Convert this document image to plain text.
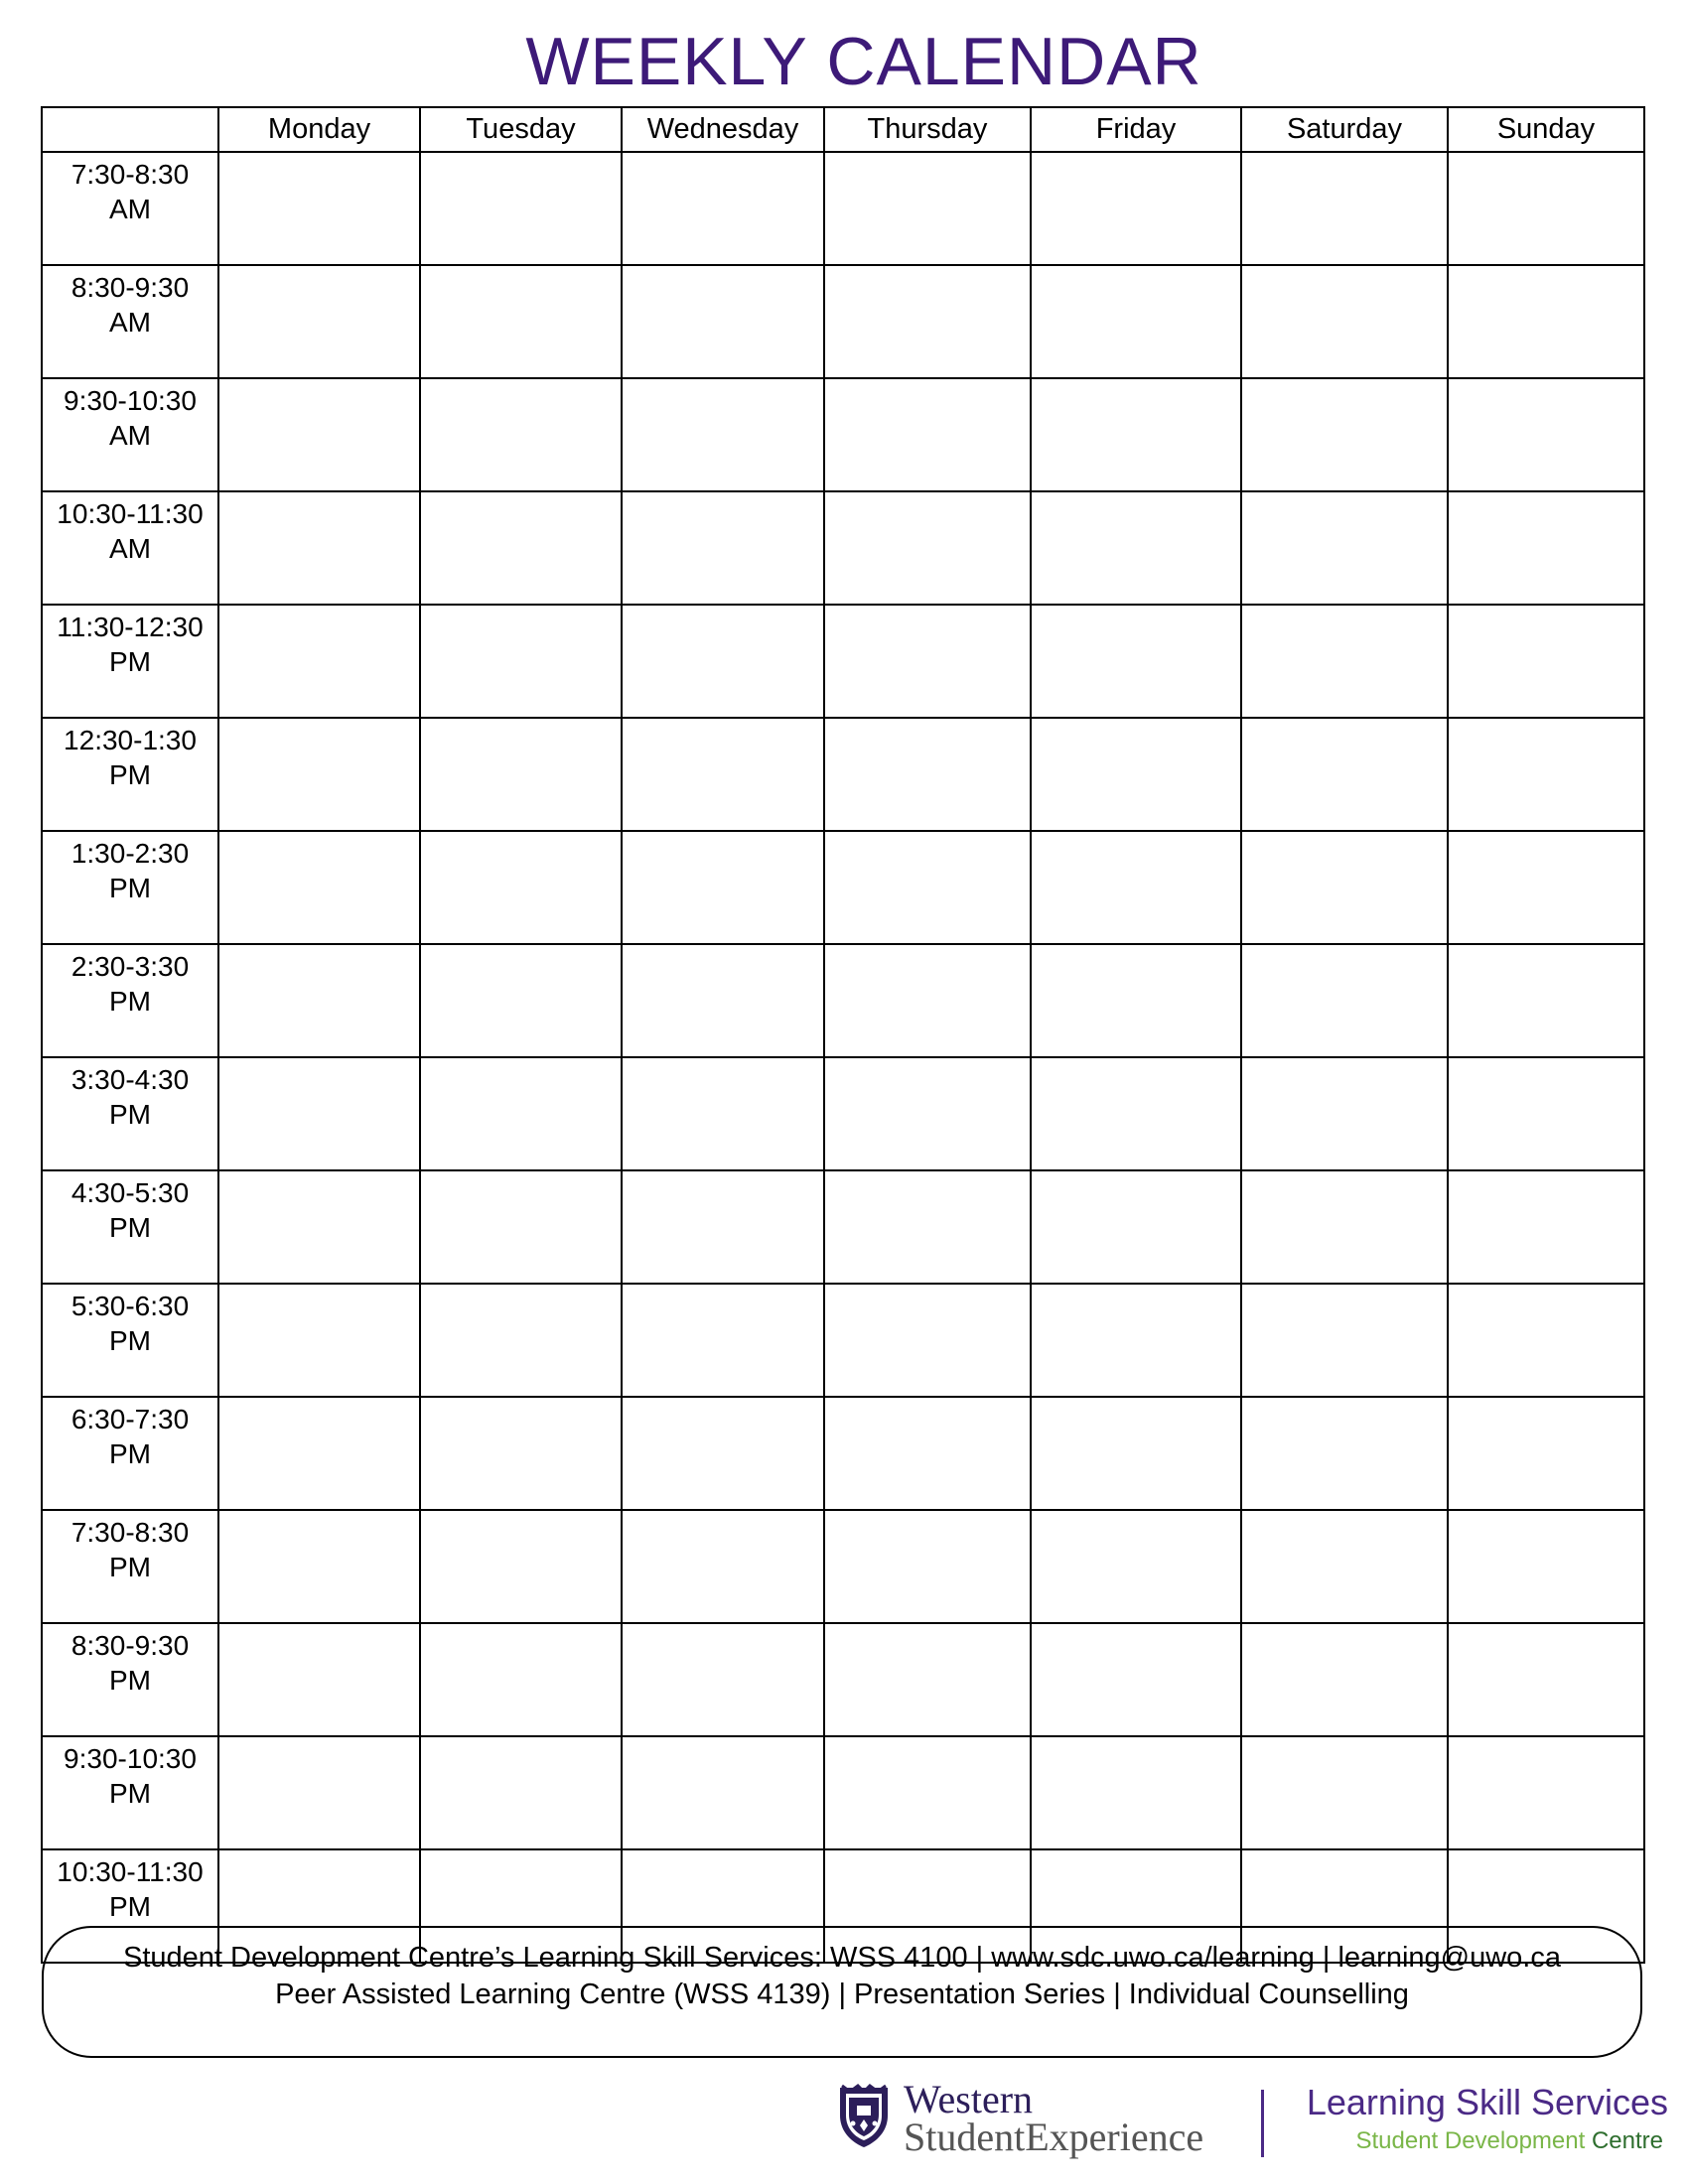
WEEKLY CALENDAR
	Monday	Tuesday	Wednesday	Thursday	Friday	Saturday	Sunday

7:30-8:30
AM							

8:30-9:30
AM							

9:30-10:30
AM							

10:30-11:30
AM							

11:30-12:30
PM							

12:30-1:30
PM							

1:30-2:30
PM							

2:30-3:30
PM							

3:30-4:30
PM							

4:30-5:30
PM							

5:30-6:30
PM							

6:30-7:30
PM							

7:30-8:30
PM							

8:30-9:30
PM							

9:30-10:30
PM							

10:30-11:30
PM							

Student Development Centre’s Learning Skill Services: WSS 4100 | www.sdc.uwo.ca/learning | learning@uwo.ca
Peer Assisted Learning Centre (WSS 4139) | Presentation Series | Individual Counselling
Western
StudentExperience
Learning Skill Services
Student Development Centre
